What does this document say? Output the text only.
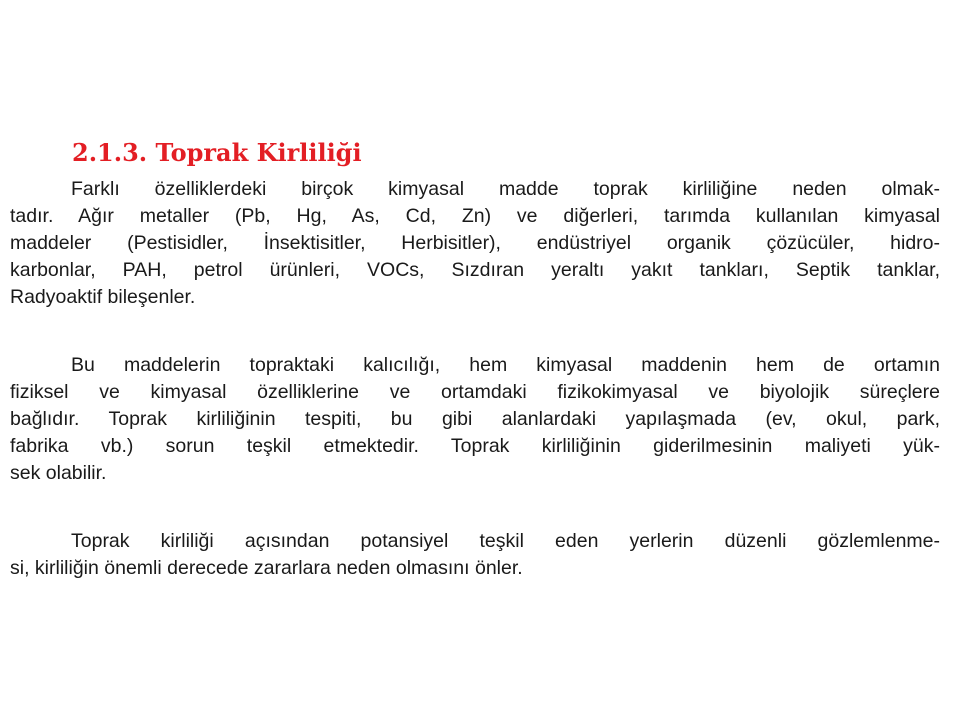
2.1.3. Toprak Kirliliği
Farklı özelliklerdeki birçok kimyasal madde toprak kirliliğine neden olmak-
tadır. Ağır metaller (Pb, Hg, As, Cd, Zn) ve diğerleri, tarımda kullanılan kimyasal
maddeler (Pestisidler, İnsektisitler, Herbisitler), endüstriyel organik çözücüler, hidro-
karbonlar, PAH, petrol ürünleri, VOCs, Sızdıran yeraltı yakıt tankları, Septik tanklar,
Radyoaktif bileşenler.
Bu maddelerin topraktaki kalıcılığı, hem kimyasal maddenin hem de ortamın
fiziksel ve kimyasal özelliklerine ve ortamdaki fizikokimyasal ve biyolojik süreçlere
bağlıdır. Toprak kirliliğinin tespiti, bu gibi alanlardaki yapılaşmada (ev, okul, park,
fabrika vb.) sorun teşkil etmektedir. Toprak kirliliğinin giderilmesinin maliyeti yük-
sek olabilir.
Toprak kirliliği açısından potansiyel teşkil eden yerlerin düzenli gözlemlenme-
si, kirliliğin önemli derecede zararlara neden olmasını önler.
